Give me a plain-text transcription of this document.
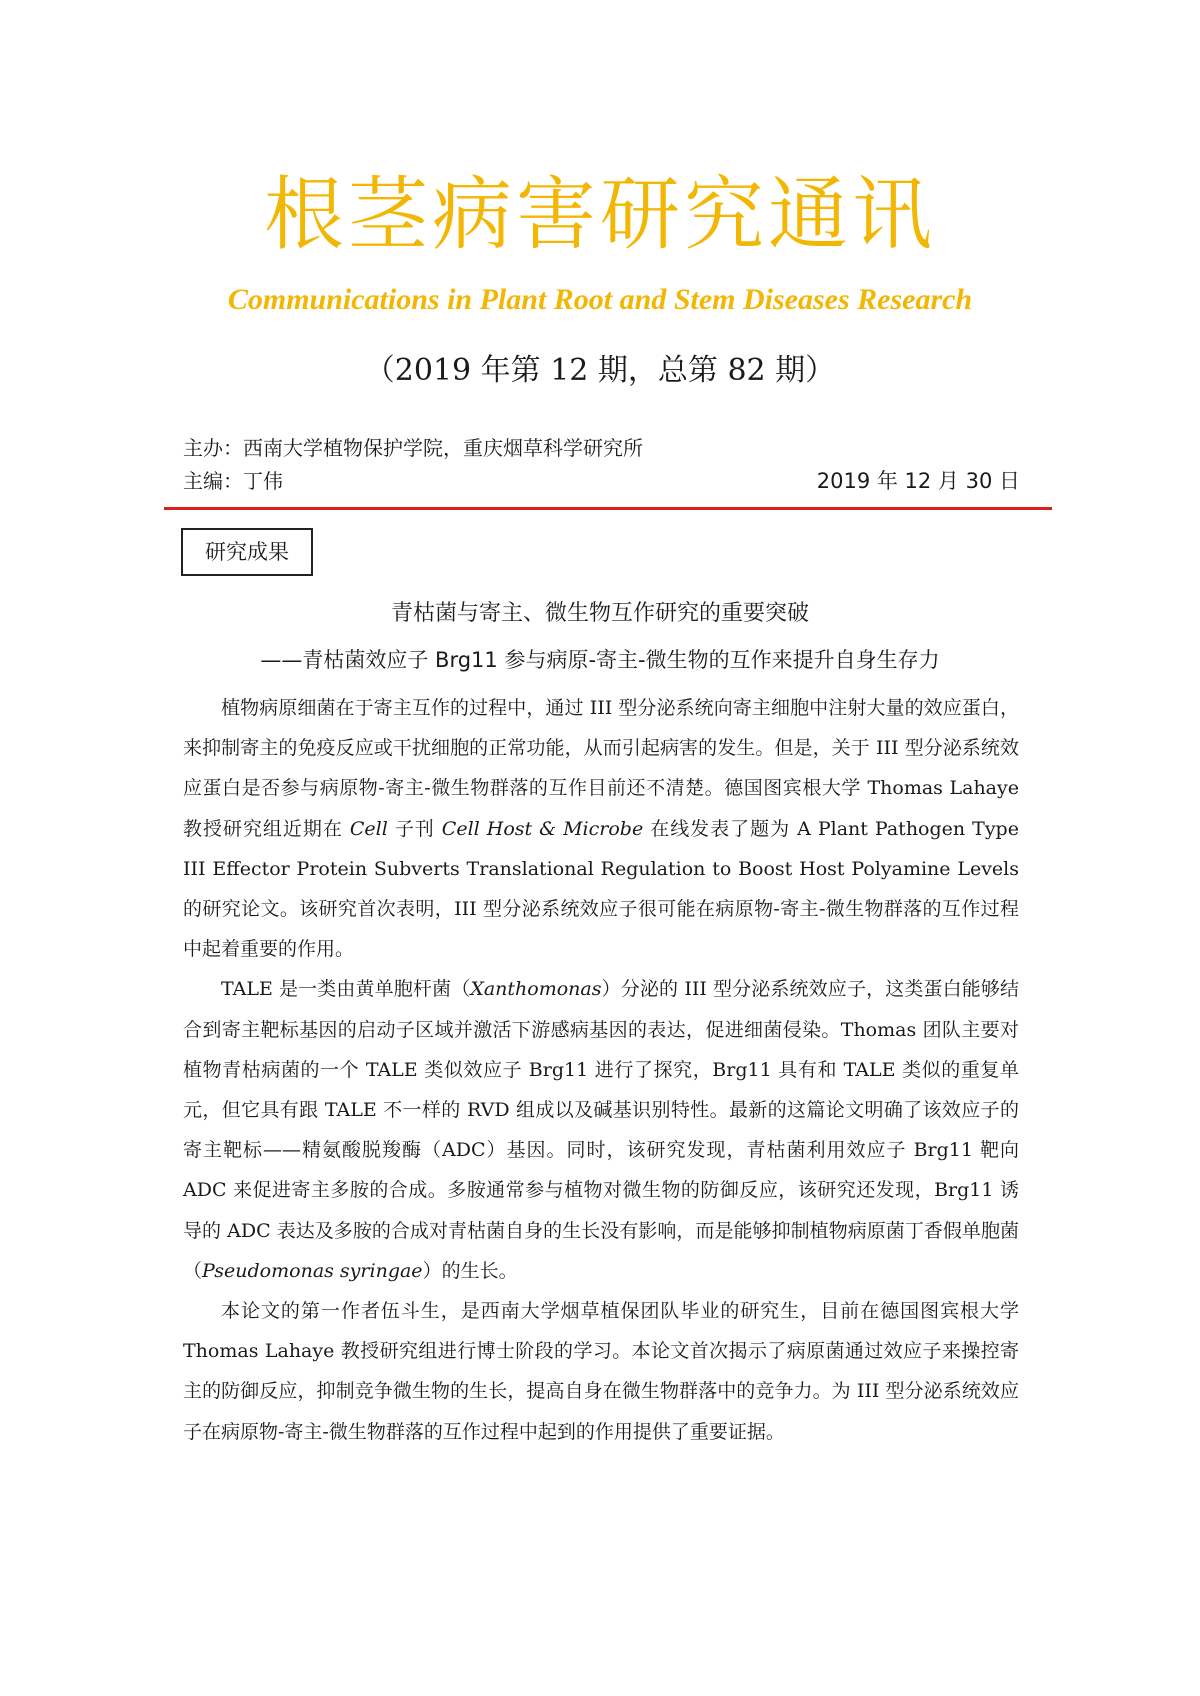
根茎病害研究通讯
Communications in Plant Root and Stem Diseases Research
（2019 年第 12 期，总第 82 期）
主办：西南大学植物保护学院，重庆烟草科学研究所
主编：丁伟	2019 年 12 月 30 日
研究成果
青枯菌与寄主、微生物互作研究的重要突破
——青枯菌效应子 Brg11 参与病原-寄主-微生物的互作来提升自身生存力

植物病原细菌在于寄主互作的过程中，通过 III 型分泌系统向寄主细胞中注射大量的效应蛋白，来抑制寄主的免疫反应或干扰细胞的正常功能，从而引起病害的发生。但是，关于 III 型分泌系统效应蛋白是否参与病原物-寄主-微生物群落的互作目前还不清楚。德国图宾根大学 Thomas Lahaye 教授研究组近期在 Cell 子刊 Cell Host & Microbe 在线发表了题为 A Plant Pathogen Type III Effector Protein Subverts Translational Regulation to Boost Host Polyamine Levels 的研究论文。该研究首次表明，III 型分泌系统效应子很可能在病原物-寄主-微生物群落的互作过程中起着重要的作用。

TALE 是一类由黄单胞杆菌（Xanthomonas）分泌的 III 型分泌系统效应子，这类蛋白能够结合到寄主靶标基因的启动子区域并激活下游感病基因的表达，促进细菌侵染。Thomas 团队主要对植物青枯病菌的一个 TALE 类似效应子 Brg11 进行了探究，Brg11 具有和 TALE 类似的重复单元，但它具有跟 TALE 不一样的 RVD 组成以及碱基识别特性。最新的这篇论文明确了该效应子的寄主靶标——精氨酸脱羧酶（ADC）基因。同时，该研究发现，青枯菌利用效应子 Brg11 靶向 ADC 来促进寄主多胺的合成。多胺通常参与植物对微生物的防御反应，该研究还发现，Brg11 诱导的 ADC 表达及多胺的合成对青枯菌自身的生长没有影响，而是能够抑制植物病原菌丁香假单胞菌（Pseudomonas syringae）的生长。

本论文的第一作者伍斗生，是西南大学烟草植保团队毕业的研究生，目前在德国图宾根大学 Thomas Lahaye 教授研究组进行博士阶段的学习。本论文首次揭示了病原菌通过效应子来操控寄主的防御反应，抑制竞争微生物的生长，提高自身在微生物群落中的竞争力。为 III 型分泌系统效应子在病原物-寄主-微生物群落的互作过程中起到的作用提供了重要证据。
